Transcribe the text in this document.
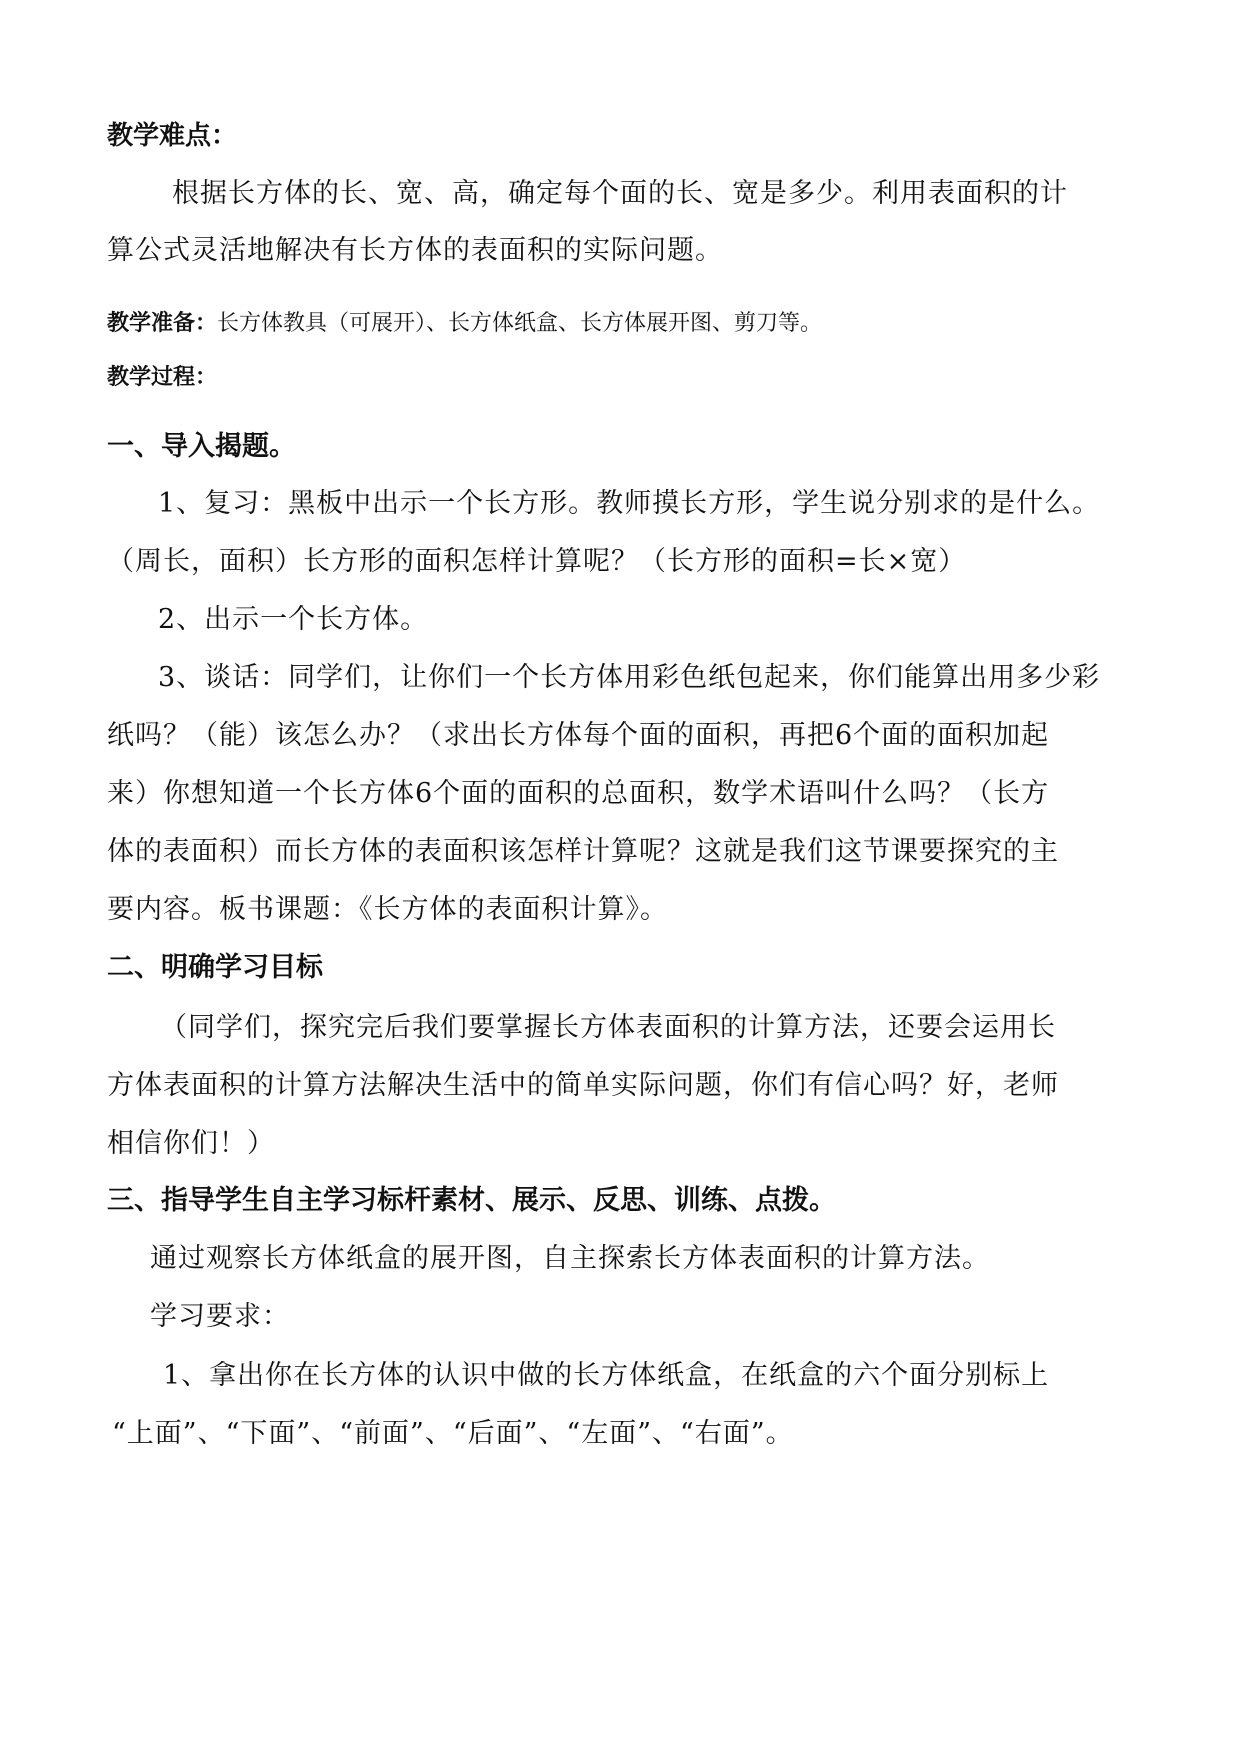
教学难点：
根据长方体的长、宽、高，确定每个面的长、宽是多少。利用表面积的计
算公式灵活地解决有长方体的表面积的实际问题。
教学准备：长方体教具（可展开）、长方体纸盒、长方体展开图、剪刀等。
教学过程：
一、导入揭题。
1、复习：黑板中出示一个长方形。教师摸长方形，学生说分别求的是什么。
（周长，面积）长方形的面积怎样计算呢？（长方形的面积=长×宽）
2、出示一个长方体。
3、谈话：同学们，让你们一个长方体用彩色纸包起来，你们能算出用多少彩
纸吗？（能）该怎么办？（求出长方体每个面的面积，再把6个面的面积加起
来）你想知道一个长方体6个面的面积的总面积，数学术语叫什么吗？（长方
体的表面积）而长方体的表面积该怎样计算呢？这就是我们这节课要探究的主
要内容。板书课题：《长方体的表面积计算》。
二、明确学习目标
（同学们，探究完后我们要掌握长方体表面积的计算方法，还要会运用长
方体表面积的计算方法解决生活中的简单实际问题，你们有信心吗？好，老师
相信你们！）
三、指导学生自主学习标杆素材、展示、反思、训练、点拨。
通过观察长方体纸盒的展开图，自主探索长方体表面积的计算方法。
学习要求：
1、拿出你在长方体的认识中做的长方体纸盒，在纸盒的六个面分别标上
“上面”、“下面”、“前面”、“后面”、“左面”、“右面”。
